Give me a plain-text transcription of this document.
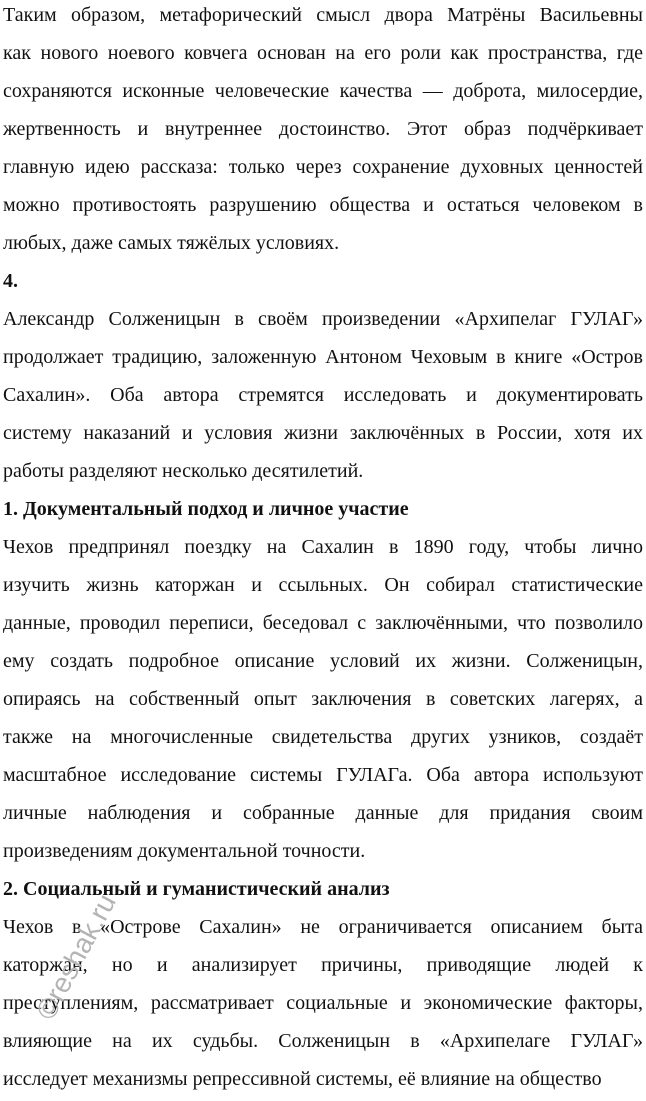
Таким образом, метафорический смысл двора Матрёны Васильевны
как нового ноевого ковчега основан на его роли как пространства, где
сохраняются исконные человеческие качества — доброта, милосердие,
жертвенность и внутреннее достоинство. Этот образ подчёркивает
главную идею рассказа: только через сохранение духовных ценностей
можно противостоять разрушению общества и остаться человеком в
любых, даже самых тяжёлых условиях.
4.
Александр Солженицын в своём произведении «Архипелаг ГУЛАГ»
продолжает традицию, заложенную Антоном Чеховым в книге «Остров
Сахалин». Оба автора стремятся исследовать и документировать
систему наказаний и условия жизни заключённых в России, хотя их
работы разделяют несколько десятилетий.
1. Документальный подход и личное участие
Чехов предпринял поездку на Сахалин в 1890 году, чтобы лично
изучить жизнь каторжан и ссыльных. Он собирал статистические
данные, проводил переписи, беседовал с заключёнными, что позволило
ему создать подробное описание условий их жизни. Солженицын,
опираясь на собственный опыт заключения в советских лагерях, а
также на многочисленные свидетельства других узников, создаёт
масштабное исследование системы ГУЛАГа. Оба автора используют
личные наблюдения и собранные данные для придания своим
произведениям документальной точности.
2. Социальный и гуманистический анализ
Чехов в «Острове Сахалин» не ограничивается описанием быта
каторжан, но и анализирует причины, приводящие людей к
преступлениям, рассматривает социальные и экономические факторы,
влияющие на их судьбы. Солженицын в «Архипелаге ГУЛАГ»
исследует механизмы репрессивной системы, её влияние на общество
©reshak.ru
